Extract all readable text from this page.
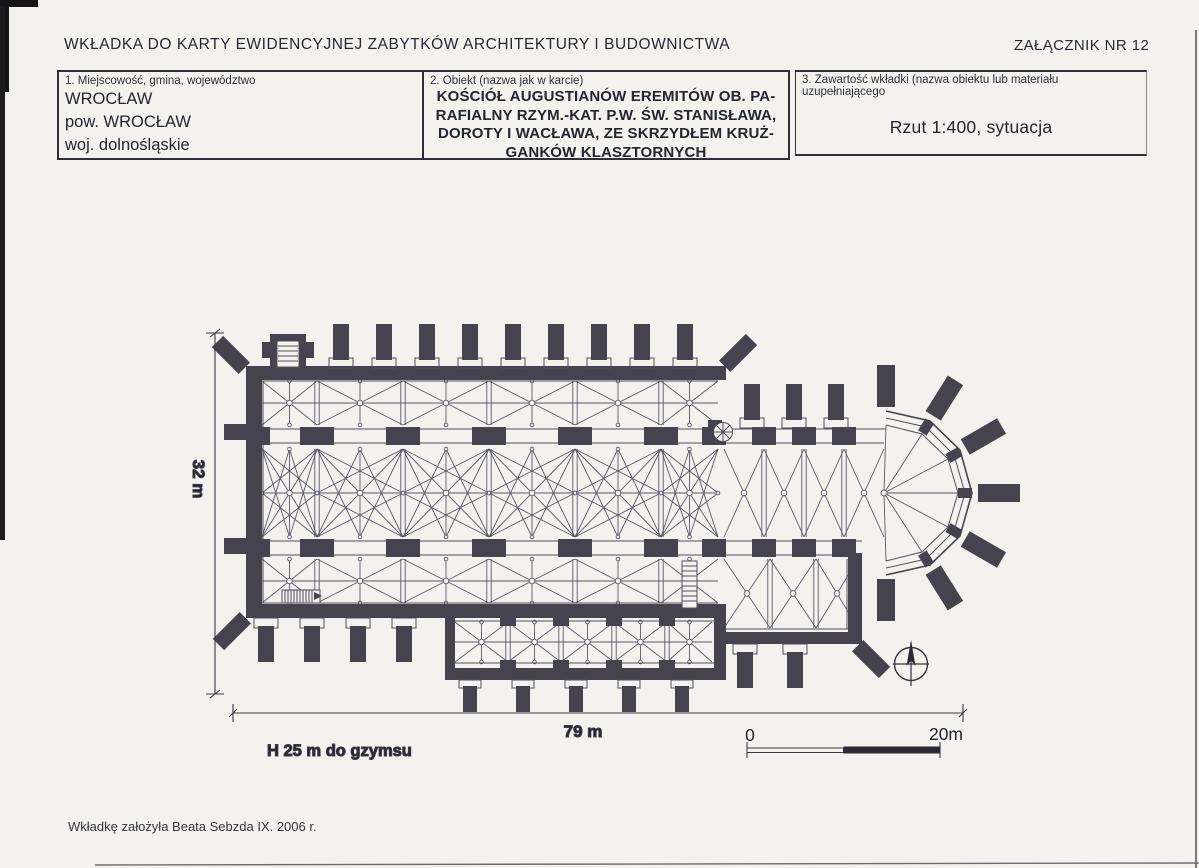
WKŁADKA DO KARTY EWIDENCYJNEJ ZABYTKÓW ARCHITEKTURY I BUDOWNICTWA	ZAŁĄCZNIK NR 12
1. Miejscowość, gmina, województwo
WROCŁAW
pow. WROCŁAW
woj. dolnośląskie
2. Obiekt (nazwa jak w karcie)
KOŚCIÓŁ AUGUSTIANÓW EREMITÓW OB. PA-
RAFIALNY RZYM.-KAT. P.W. ŚW. STANISŁAWA,
DOROTY I WACŁAWA, ZE SKRZYDŁEM KRUŻ-
GANKÓW KLASZTORNYCH
3. Zawartość wkładki (nazwa obiektu lub materiału uzupełniającego
Rzut 1:400, sytuacja
Wkładkę założyła Beata Sebzda IX. 2006 r.
32 m
79 m
H 25 m do gzymsu
0	20m
